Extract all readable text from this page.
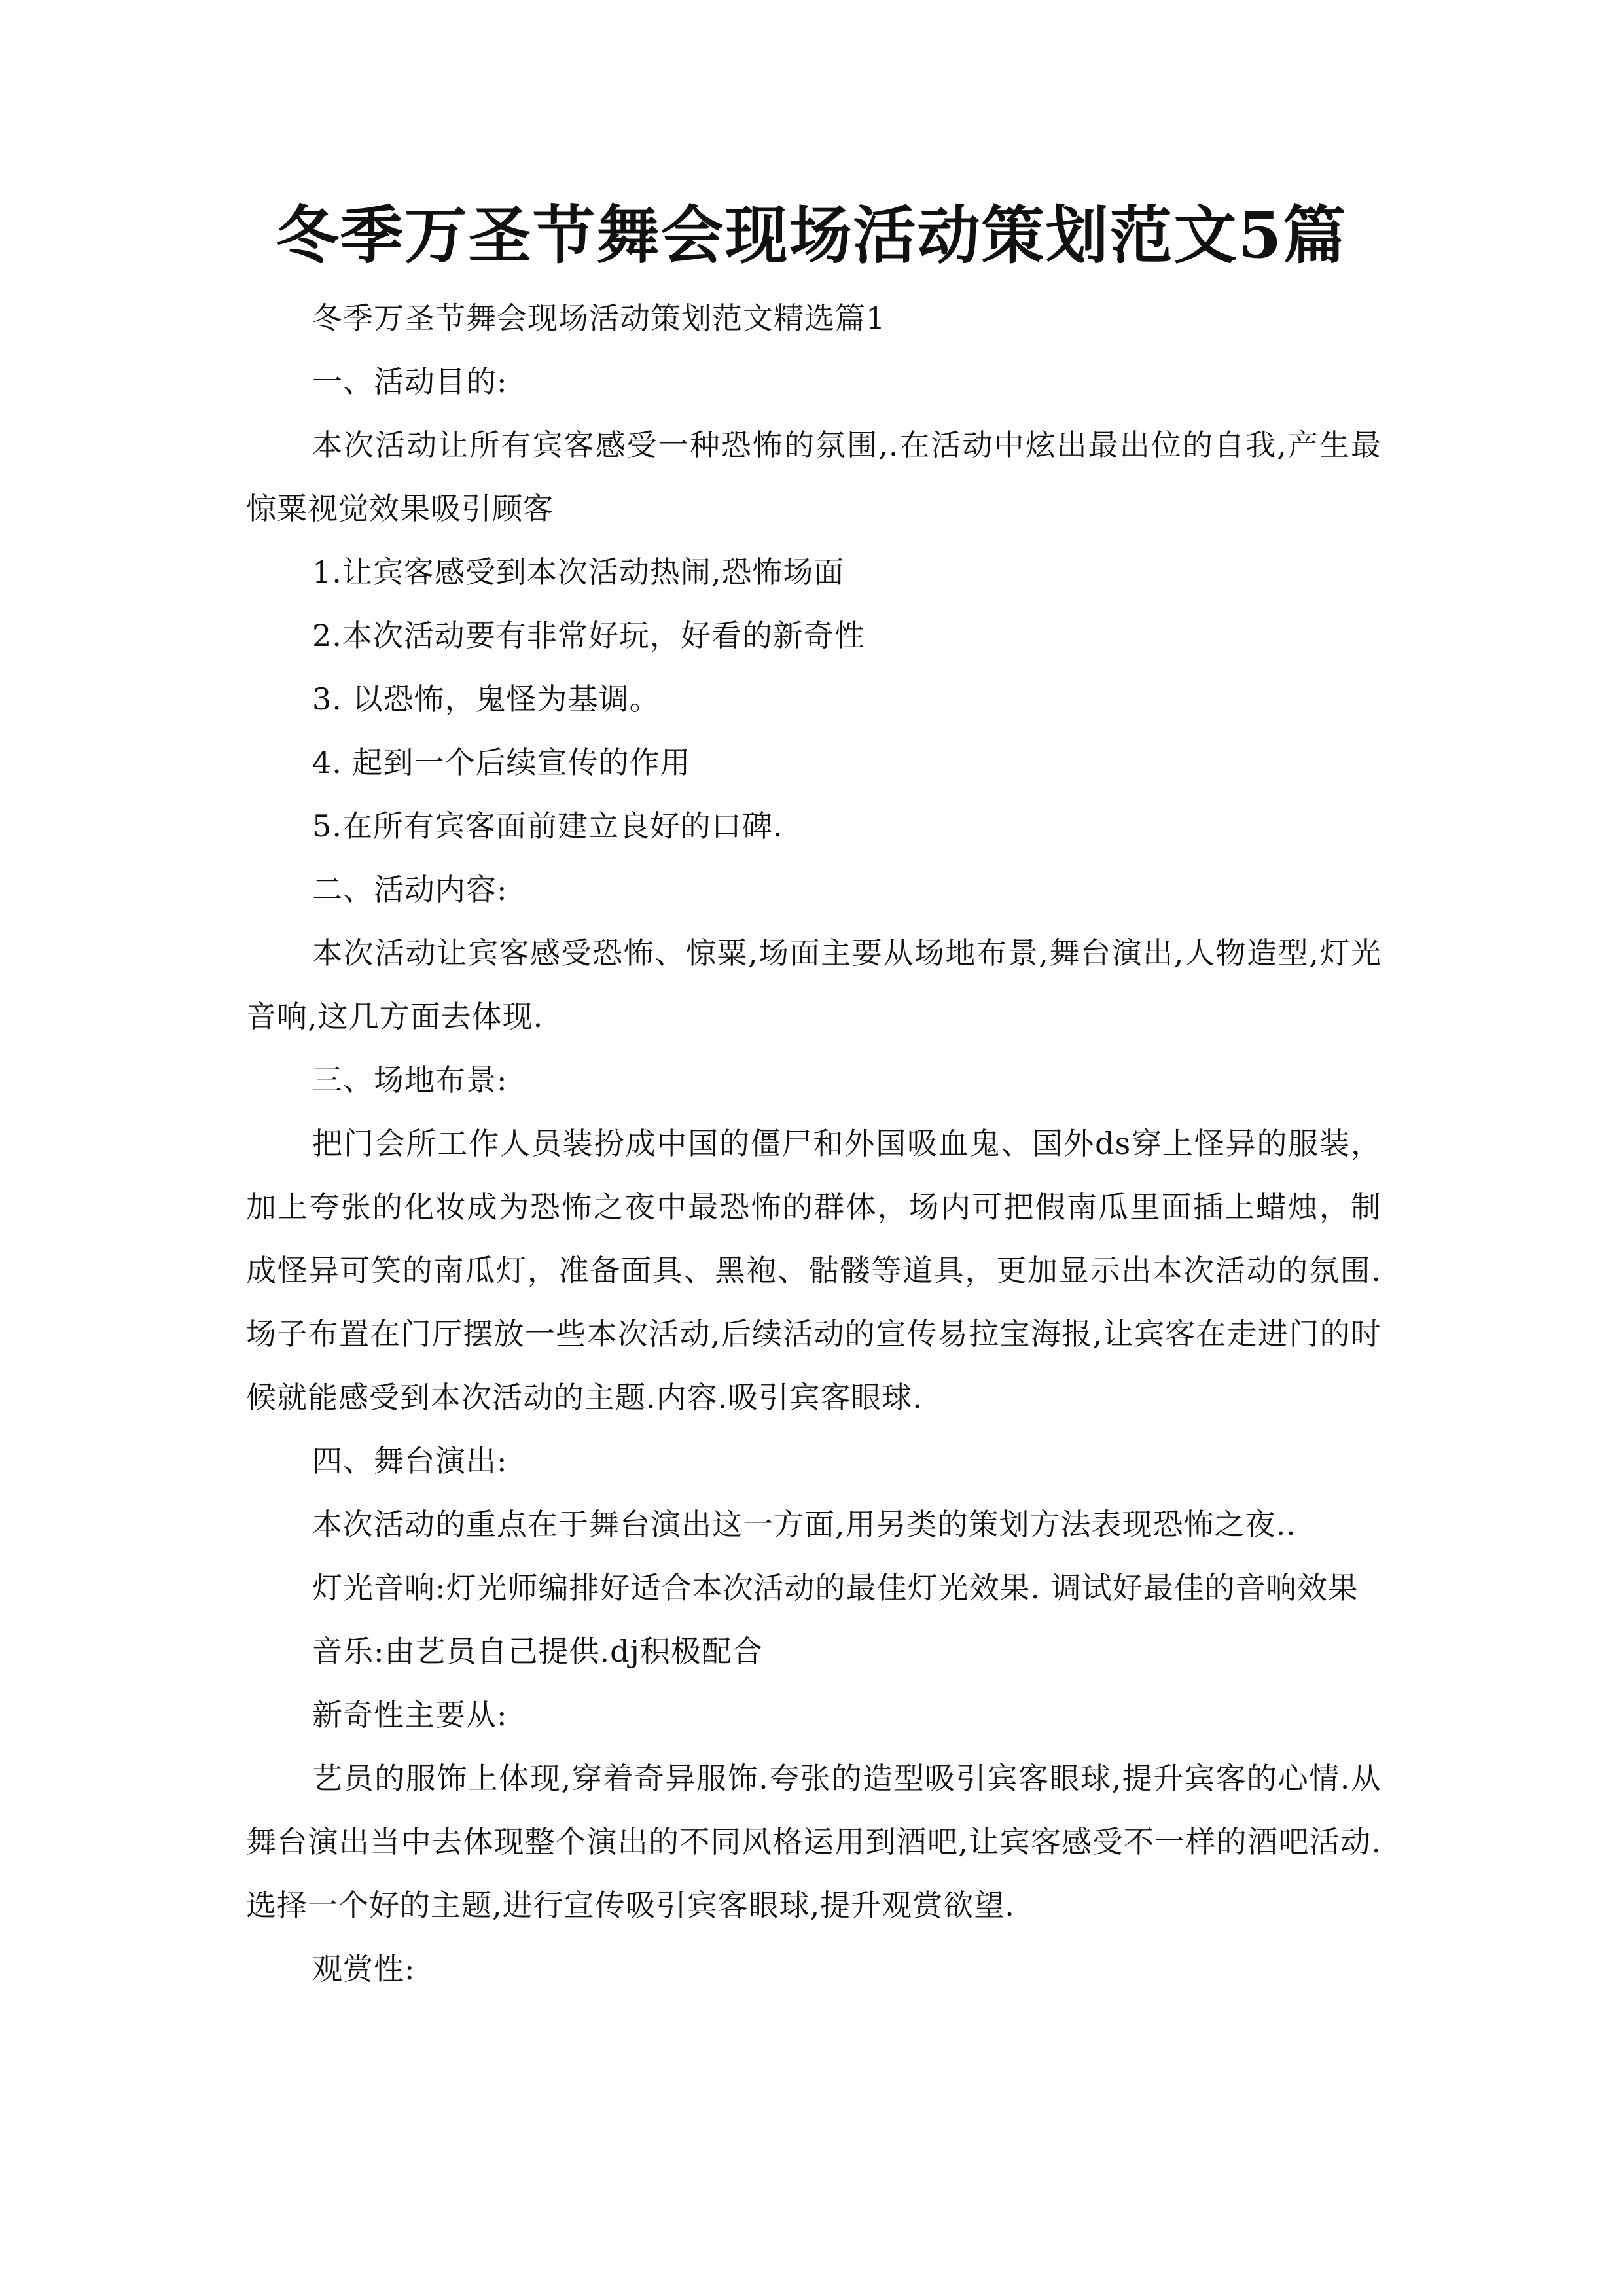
冬季万圣节舞会现场活动策划范文5篇

冬季万圣节舞会现场活动策划范文精选篇1

一、活动目的:

本次活动让所有宾客感受一种恐怖的氛围,.在活动中炫出最出位的自我,产生最惊粟视觉效果吸引顾客

1.让宾客感受到本次活动热闹,恐怖场面

2.本次活动要有非常好玩，好看的新奇性

3. 以恐怖，鬼怪为基调。

4. 起到一个后续宣传的作用

5.在所有宾客面前建立良好的口碑.

二、活动内容:

本次活动让宾客感受恐怖、惊粟,场面主要从场地布景,舞台演出,人物造型,灯光音响,这几方面去体现.

三、场地布景:

把门会所工作人员装扮成中国的僵尸和外国吸血鬼、国外ds穿上怪异的服装，加上夸张的化妆成为恐怖之夜中最恐怖的群体，场内可把假南瓜里面插上蜡烛，制成怪异可笑的南瓜灯，准备面具、黑袍、骷髅等道具，更加显示出本次活动的氛围.场子布置在门厅摆放一些本次活动,后续活动的宣传易拉宝海报,让宾客在走进门的时候就能感受到本次活动的主题.内容.吸引宾客眼球.

四、舞台演出:

本次活动的重点在于舞台演出这一方面,用另类的策划方法表现恐怖之夜..

灯光音响:灯光师编排好适合本次活动的最佳灯光效果. 调试好最佳的音响效果

音乐:由艺员自己提供.dj积极配合

新奇性主要从:

艺员的服饰上体现,穿着奇异服饰.夸张的造型吸引宾客眼球,提升宾客的心情.从舞台演出当中去体现整个演出的不同风格运用到酒吧,让宾客感受不一样的酒吧活动.选择一个好的主题,进行宣传吸引宾客眼球,提升观赏欲望.

观赏性:
